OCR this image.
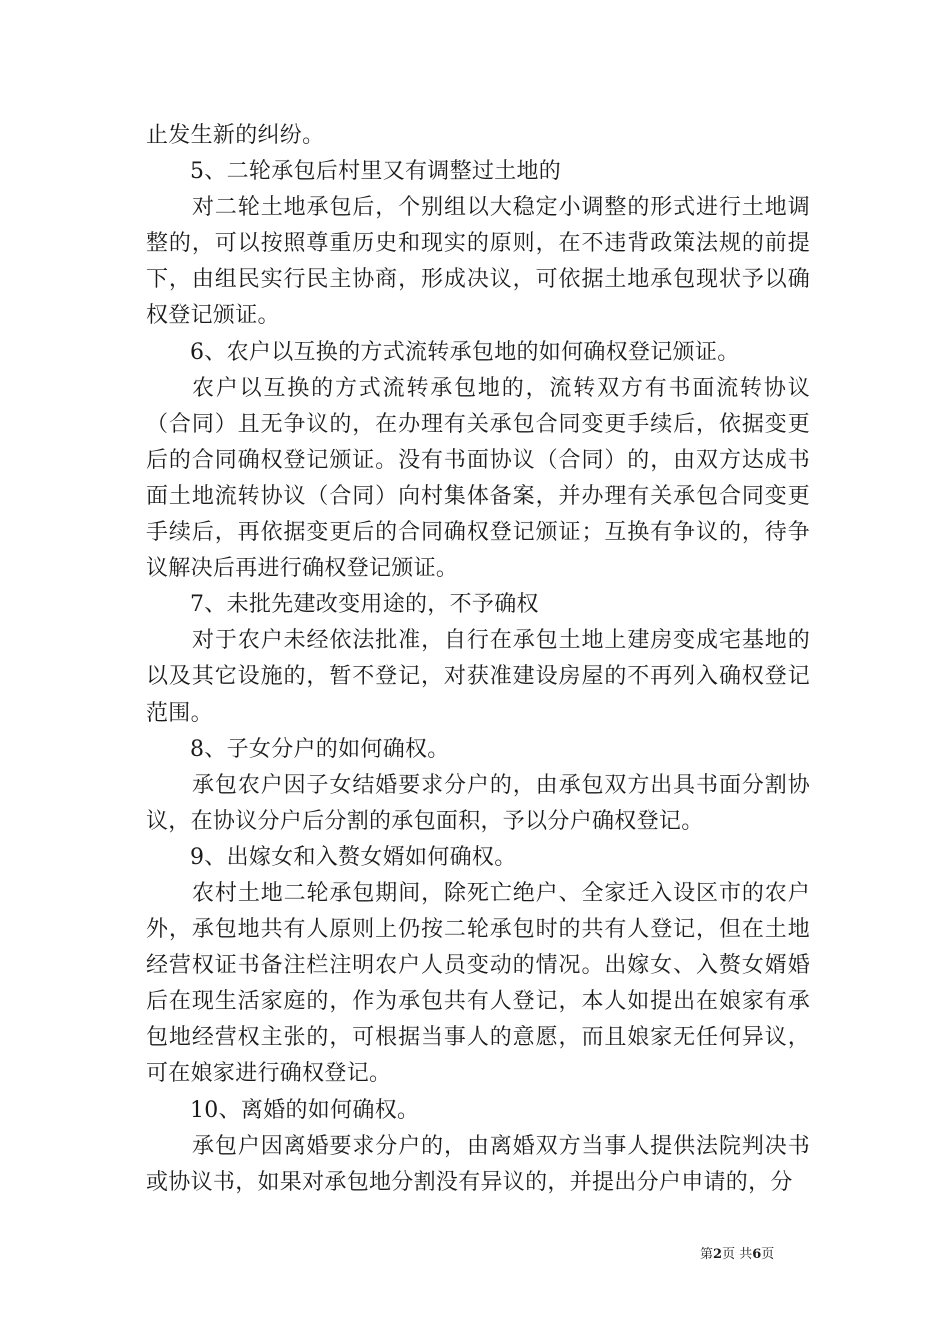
止发生新的纠纷。

5、二轮承包后村里又有调整过土地的

对二轮土地承包后，个别组以大稳定小调整的形式进行土地调整的，可以按照尊重历史和现实的原则，在不违背政策法规的前提下，由组民实行民主协商，形成决议，可依据土地承包现状予以确权登记颁证。

6、农户以互换的方式流转承包地的如何确权登记颁证。

农户以互换的方式流转承包地的，流转双方有书面流转协议（合同）且无争议的，在办理有关承包合同变更手续后，依据变更后的合同确权登记颁证。没有书面协议（合同）的，由双方达成书面土地流转协议（合同）向村集体备案，并办理有关承包合同变更手续后，再依据变更后的合同确权登记颁证；互换有争议的，待争议解决后再进行确权登记颁证。

7、未批先建改变用途的，不予确权

对于农户未经依法批准，自行在承包土地上建房变成宅基地的以及其它设施的，暂不登记，对获准建设房屋的不再列入确权登记范围。

8、子女分户的如何确权。

承包农户因子女结婚要求分户的，由承包双方出具书面分割协议，在协议分户后分割的承包面积，予以分户确权登记。

9、出嫁女和入赘女婿如何确权。

农村土地二轮承包期间，除死亡绝户、全家迁入设区市的农户外，承包地共有人原则上仍按二轮承包时的共有人登记，但在土地经营权证书备注栏注明农户人员变动的情况。出嫁女、入赘女婿婚后在现生活家庭的，作为承包共有人登记，本人如提出在娘家有承包地经营权主张的，可根据当事人的意愿，而且娘家无任何异议，可在娘家进行确权登记。

10、离婚的如何确权。

承包户因离婚要求分户的，由离婚双方当事人提供法院判决书或协议书，如果对承包地分割没有异议的，并提出分户申请的，分

第2页 共6页
